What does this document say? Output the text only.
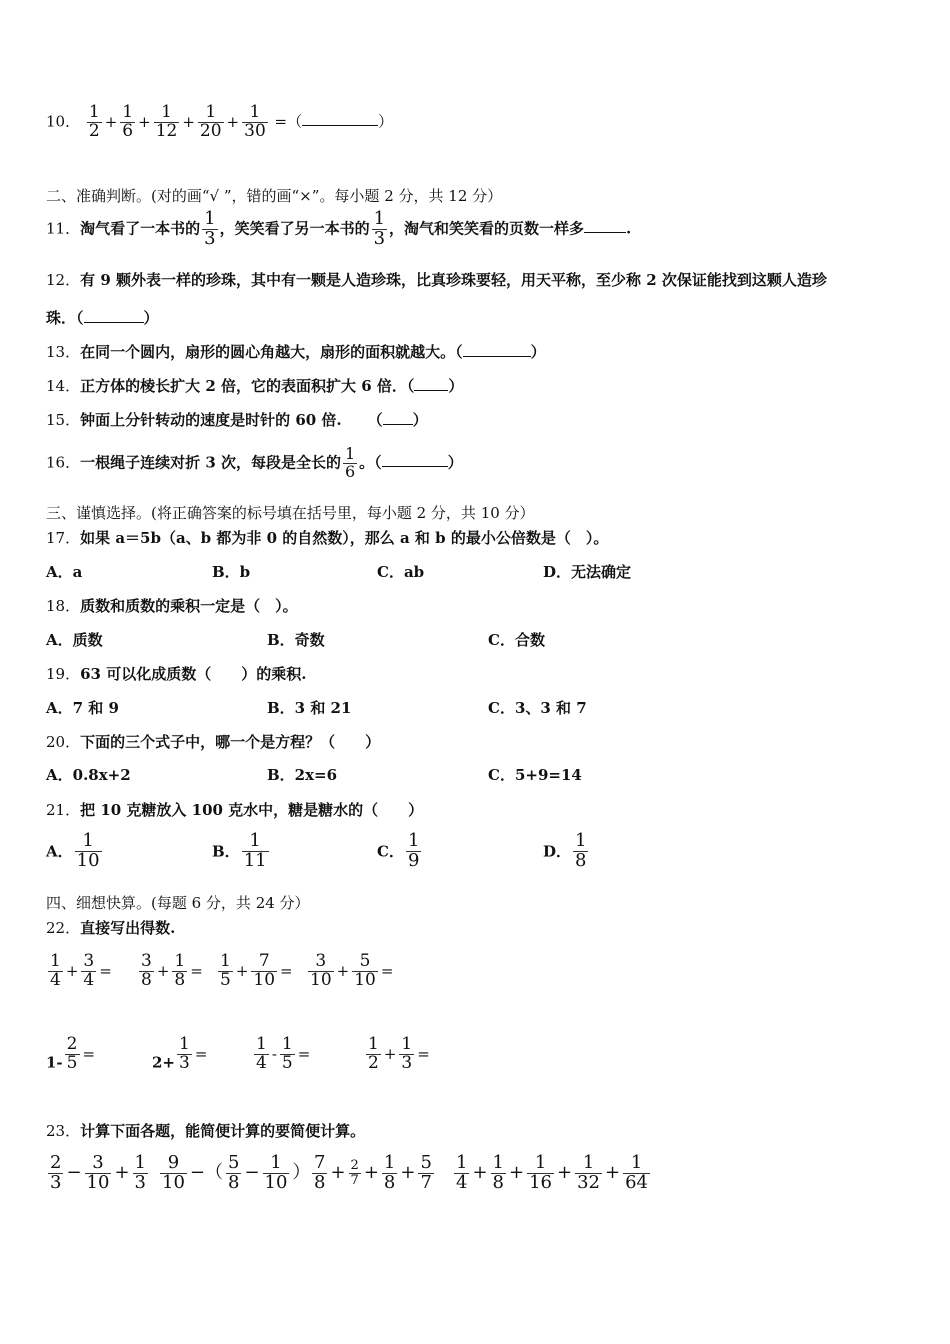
10． $\frac{1}{2} + \frac{1}{6} + \frac{1}{12} + \frac{1}{20} + \frac{1}{30}$ =（	）
二、准确判断。(对的画“√ ”，错的画“×”。每小题 2 分，共 12 分）
11．淘气看了一本书的 $\frac{1}{3}$ ，笑笑看了另一本书的 $\frac{1}{3}$ ，淘气和笑笑看的页数一样多	.
12．有 9 颗外表一样的珍珠，其中有一颗是人造珍珠，比真珍珠要轻，用天平称，至少称 2 次保证能找到这颗人造珍
珠．（	）
13．在同一个圆内，扇形的圆心角越大，扇形的面积就越大。（	）
14．正方体的棱长扩大 2 倍，它的表面积扩大 6 倍．（ ）
15．钟面上分针转动的速度是时针的 60 倍. （ ）
16．一根绳子连续对折 3 次，每段是全长的 $\frac{1}{6}$ 。（	）
三、谨慎选择。(将正确答案的标号填在括号里，每小题 2 分，共 10 分）
17．如果 a＝5b（a、b 都为非 0 的自然数），那么 a 和 b 的最小公倍数是（　）。
A．a	B．b	C．ab	D．无法确定
18．质数和质数的乘积一定是（　）。
A．质数	B．奇数	C．合数
19．63 可以化成质数（　　）的乘积.
A．7 和 9	B．3 和 21	C．3、3 和 7
20．下面的三个式子中，哪一个是方程？（　　）
A．0.8x+2	B．2x=6	C．5+9=14
21．把 10 克糖放入 100 克水中，糖是糖水的（　　）
A． $\frac{1}{10}$	B． $\frac{1}{11}$	C． $\frac{1}{9}$	D． $\frac{1}{8}$
四、细想快算。(每题 6 分，共 24 分）
22．直接写出得数.
$\frac{1}{4} + \frac{3}{4} = \frac{3}{8} + \frac{1}{8} = \frac{1}{5} + \frac{7}{10} = \frac{3}{10} + \frac{5}{10}$ =
$1- \frac{2}{5}$ =	$2+ \frac{1}{3}$ =	$\frac{1}{4} - \frac{1}{5}$ =	$\frac{1}{2} + \frac{1}{3}$ =
23．计算下面各题，能简便计算的要简便计算。
$\frac{2}{3} - \frac{3}{10} + \frac{1}{3} \frac{9}{10}$ −（ $\frac{5}{8} - \frac{1}{10}$ ） $\frac{7}{8} + \frac{2}{7} + \frac{1}{8} + \frac{5}{7} \frac{1}{4} + \frac{1}{8} + \frac{1}{16} + \frac{1}{32} + \frac{1}{64}$
